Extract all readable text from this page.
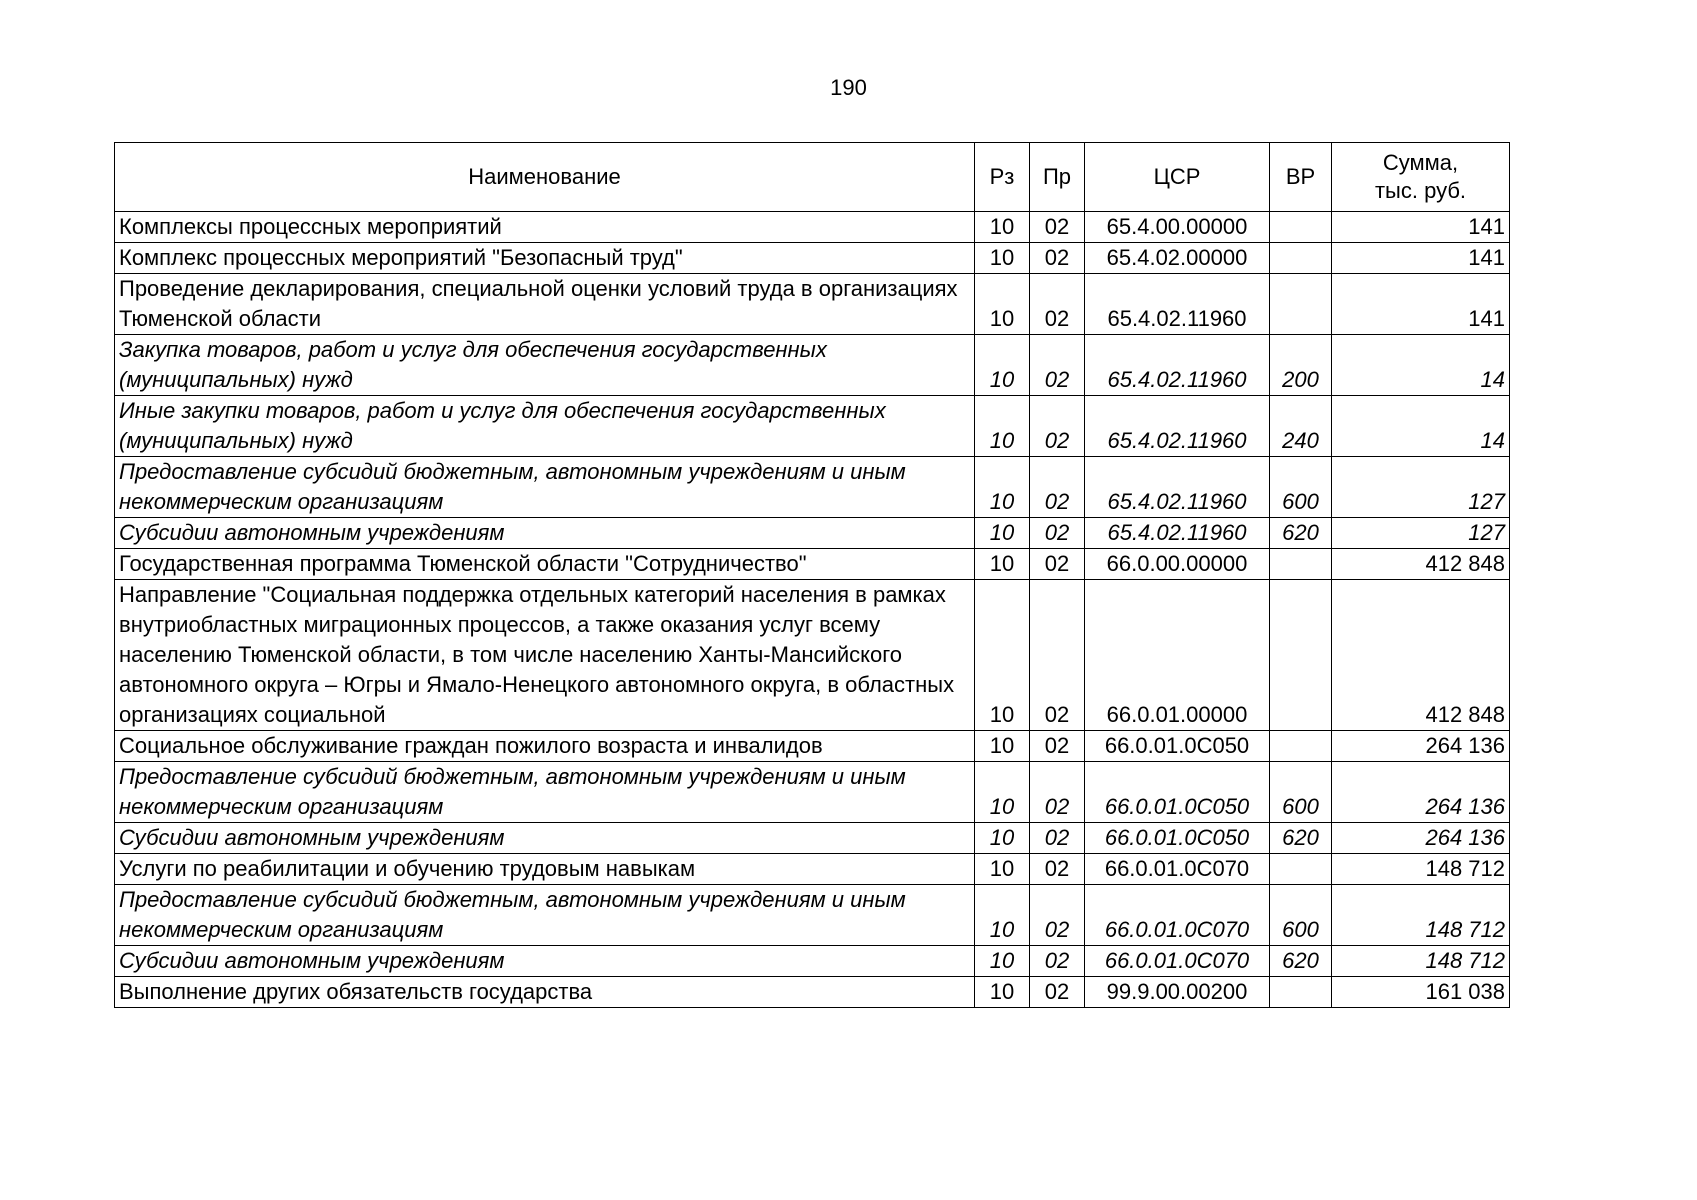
190
Наименование	Рз	Пр	ЦСР	ВР	Сумма,
тыс. руб.
Комплексы процессных мероприятий	10	02	65.4.00.00000		141
Комплекс процессных мероприятий "Безопасный труд"	10	02	65.4.02.00000		141
Проведение декларирования, специальной оценки условий труда в организациях Тюменской области	10	02	65.4.02.11960		141
Закупка товаров, работ и услуг для обеспечения государственных (муниципальных) нужд	10	02	65.4.02.11960	200	14
Иные закупки товаров, работ и услуг для обеспечения государственных (муниципальных) нужд	10	02	65.4.02.11960	240	14
Предоставление субсидий бюджетным, автономным учреждениям и иным некоммерческим организациям	10	02	65.4.02.11960	600	127
Субсидии автономным учреждениям	10	02	65.4.02.11960	620	127
Государственная программа Тюменской области "Сотрудничество"	10	02	66.0.00.00000		412 848
Направление "Социальная поддержка отдельных категорий населения в рамках внутриобластных миграционных процессов, а также оказания услуг всему населению Тюменской области, в том числе населению Ханты-Мансийского автономного округа – Югры и Ямало-Ненецкого автономного округа, в областных организациях социальной	10	02	66.0.01.00000		412 848
Социальное обслуживание граждан пожилого возраста и инвалидов	10	02	66.0.01.0С050		264 136
Предоставление субсидий бюджетным, автономным учреждениям и иным некоммерческим организациям	10	02	66.0.01.0С050	600	264 136
Субсидии автономным учреждениям	10	02	66.0.01.0С050	620	264 136
Услуги по реабилитации и обучению трудовым навыкам	10	02	66.0.01.0С070		148 712
Предоставление субсидий бюджетным, автономным учреждениям и иным некоммерческим организациям	10	02	66.0.01.0С070	600	148 712
Субсидии автономным учреждениям	10	02	66.0.01.0С070	620	148 712
Выполнение других обязательств государства	10	02	99.9.00.00200		161 038
